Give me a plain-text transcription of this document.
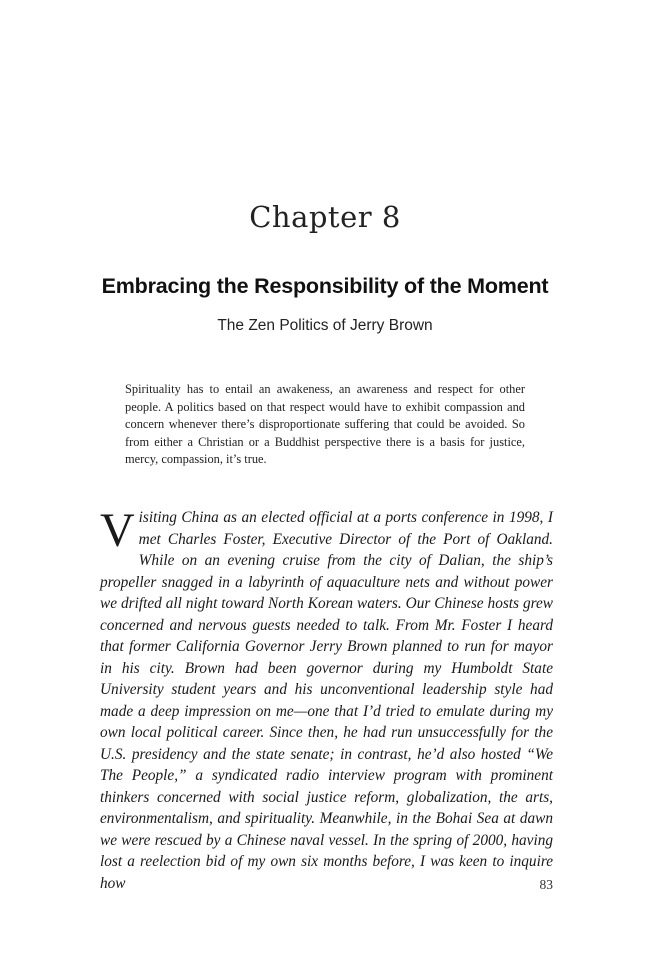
Chapter 8
Embracing the Responsibility of the Moment
The Zen Politics of Jerry Brown

Spirituality has to entail an awakeness, an awareness and respect for other people. A politics based on that respect would have to exhibit compassion and concern whenever there’s disproportionate suffering that could be avoided. So from either a Christian or a Buddhist perspective there is a basis for justice, mercy, compassion, it’s true.

Visiting China as an elected official at a ports conference in 1998, I met Charles Foster, Executive Director of the Port of Oakland. While on an evening cruise from the city of Dalian, the ship’s propeller snagged in a labyrinth of aquaculture nets and without power we drifted all night toward North Korean waters. Our Chinese hosts grew concerned and nervous guests needed to talk. From Mr. Foster I heard that former California Governor Jerry Brown planned to run for mayor in his city. Brown had been governor during my Humboldt State University student years and his unconventional leadership style had made a deep impression on me—one that I’d tried to emulate during my own local political career. Since then, he had run unsuccessfully for the U.S. presidency and the state senate; in contrast, he’d also hosted “We The People,” a syndicated radio interview program with prominent thinkers concerned with social justice reform, globalization, the arts, environmentalism, and spirituality. Meanwhile, in the Bohai Sea at dawn we were rescued by a Chinese naval vessel. In the spring of 2000, having lost a reelection bid of my own six months before, I was keen to inquire how	83
